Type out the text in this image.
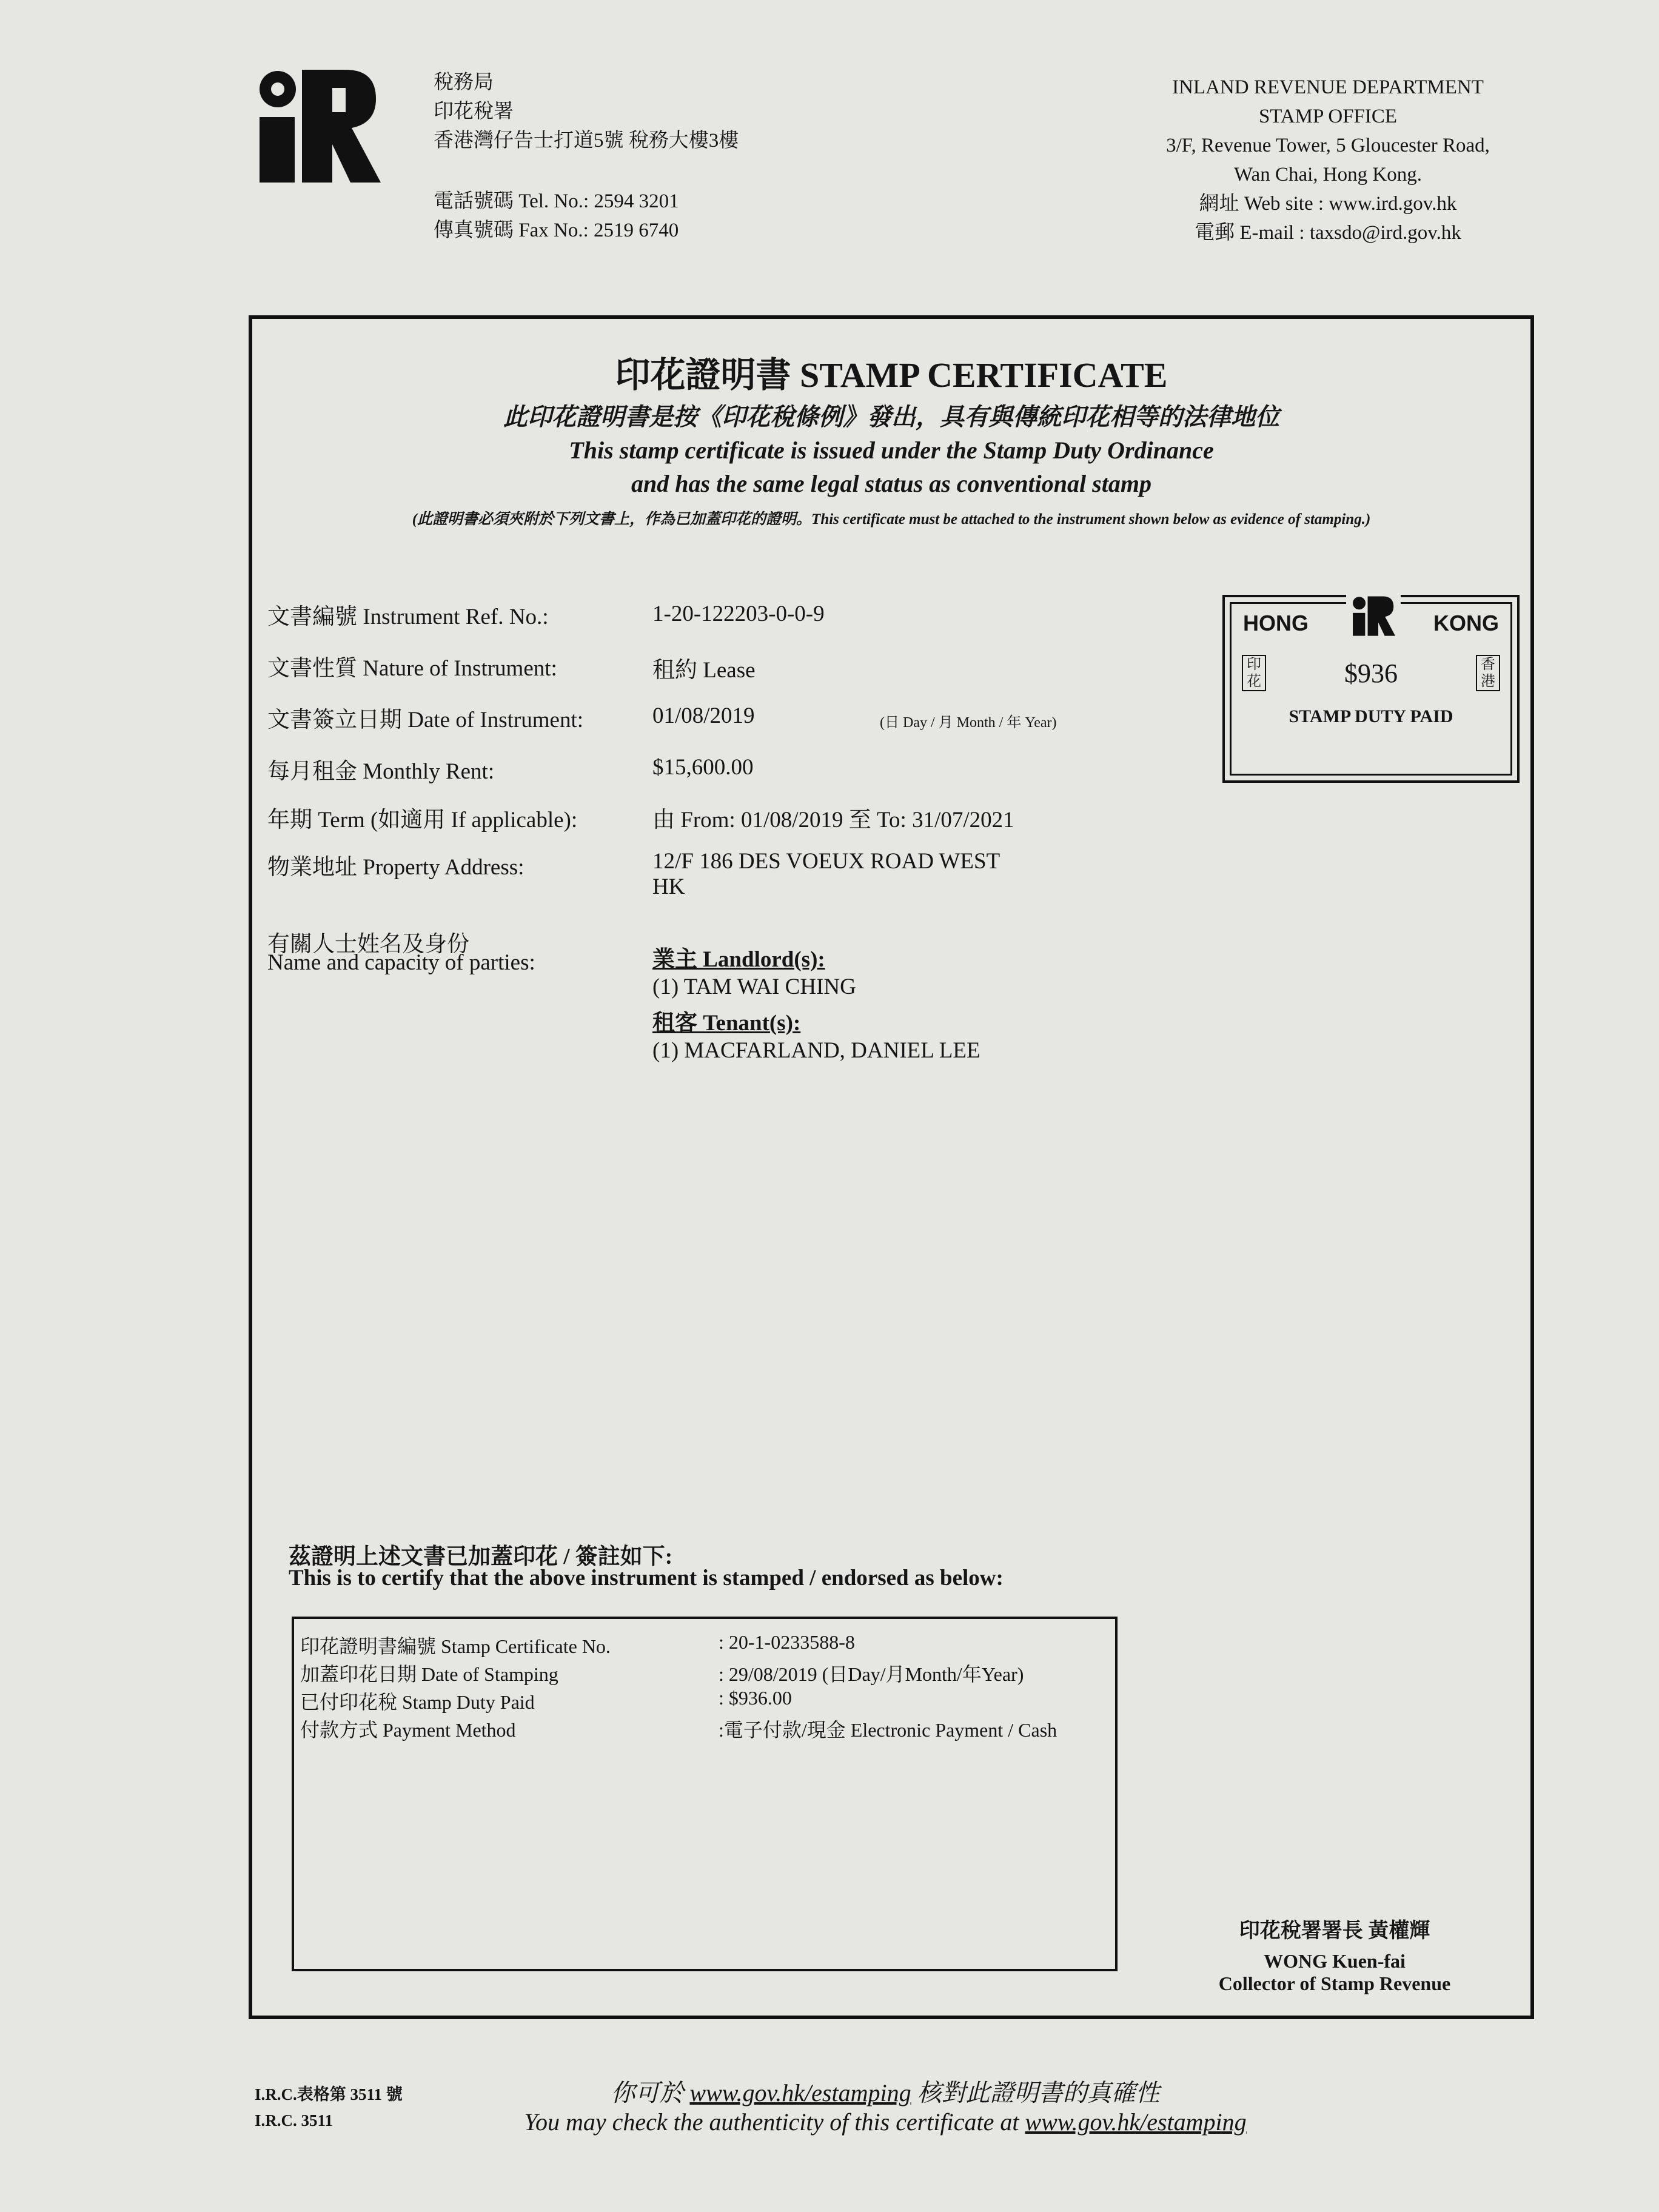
稅務局
印花稅署
香港灣仔告士打道5號 稅務大樓3樓
電話號碼 Tel. No.: 2594 3201
傳真號碼 Fax No.: 2519 6740
INLAND REVENUE DEPARTMENT
STAMP OFFICE
3/F, Revenue Tower, 5 Gloucester Road,
Wan Chai, Hong Kong.
網址 Web site : www.ird.gov.hk
電郵 E-mail : taxsdo@ird.gov.hk
印花證明書 STAMP CERTIFICATE
此印花證明書是按《印花稅條例》發出，具有與傳統印花相等的法律地位
This stamp certificate is issued under the Stamp Duty Ordinance
and has the same legal status as conventional stamp
(此證明書必須夾附於下列文書上，作為已加蓋印花的證明。This certificate must be attached to the instrument shown below as evidence of stamping.)
文書編號 Instrument Ref. No.:	1-20-122203-0-0-9
文書性質 Nature of Instrument:	租約 Lease
文書簽立日期 Date of Instrument:	01/08/2019	(日 Day / 月 Month / 年 Year)
每月租金 Monthly Rent:	$15,600.00
年期 Term (如適用 If applicable):	由 From: 01/08/2019 至 To: 31/07/2021
物業地址 Property Address:	12/F 186 DES VOEUX ROAD WEST
HK
有關人士姓名及身份
Name and capacity of parties:	業主 Landlord(s):
(1) TAM WAI CHING
租客 Tenant(s):
(1) MACFARLAND, DANIEL LEE
HONG	KONG
$936
STAMP DUTY PAID
印花
香港
茲證明上述文書已加蓋印花 / 簽註如下:
This is to certify that the above instrument is stamped / endorsed as below:
印花證明書編號 Stamp Certificate No.	: 20-1-0233588-8
加蓋印花日期 Date of Stamping	: 29/08/2019 (日Day/月Month/年Year)
已付印花稅 Stamp Duty Paid	: $936.00
付款方式 Payment Method	:電子付款/現金 Electronic Payment / Cash
印花稅署署長 黃權輝
WONG Kuen-fai
Collector of Stamp Revenue
I.R.C.表格第 3511 號
I.R.C. 3511
你可於 www.gov.hk/estamping 核對此證明書的真確性
You may check the authenticity of this certificate at www.gov.hk/estamping
